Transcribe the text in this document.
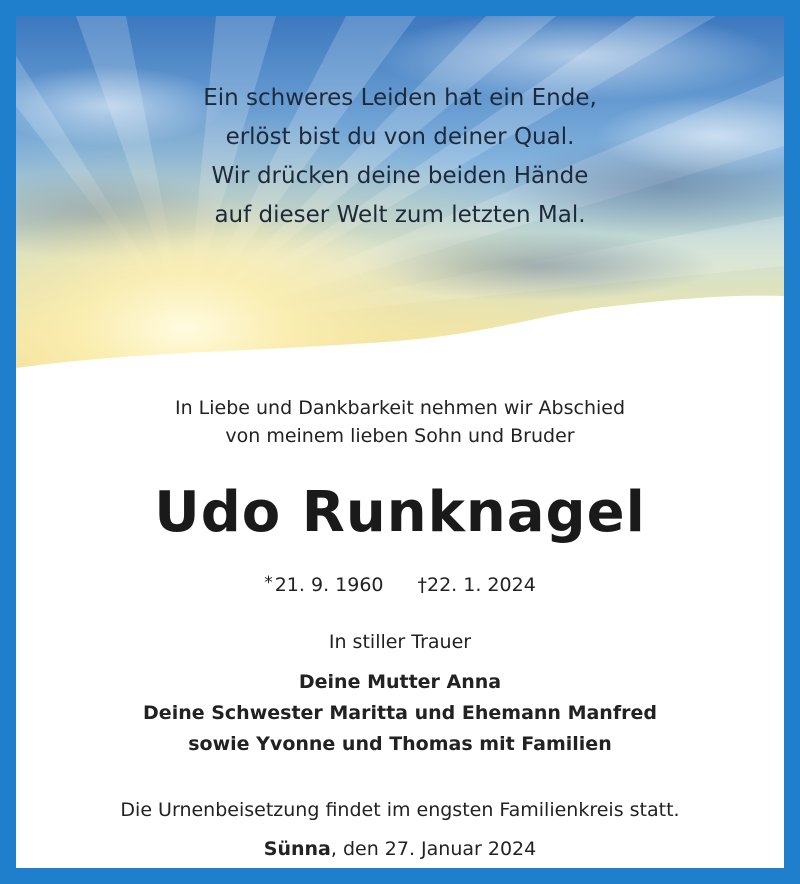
Ein schweres Leiden hat ein Ende,
erlöst bist du von deiner Qual.
Wir drücken deine beiden Hände
auf dieser Welt zum letzten Mal.
In Liebe und Dankbarkeit nehmen wir Abschied
von meinem lieben Sohn und Bruder
Udo Runknagel
* 21. 9. 1960 †22. 1. 2024
In stiller Trauer
Deine Mutter Anna
Deine Schwester Maritta und Ehemann Manfred
sowie Yvonne und Thomas mit Familien
Die Urnenbeisetzung findet im engsten Familienkreis statt.
Sünna, den 27. Januar 2024
